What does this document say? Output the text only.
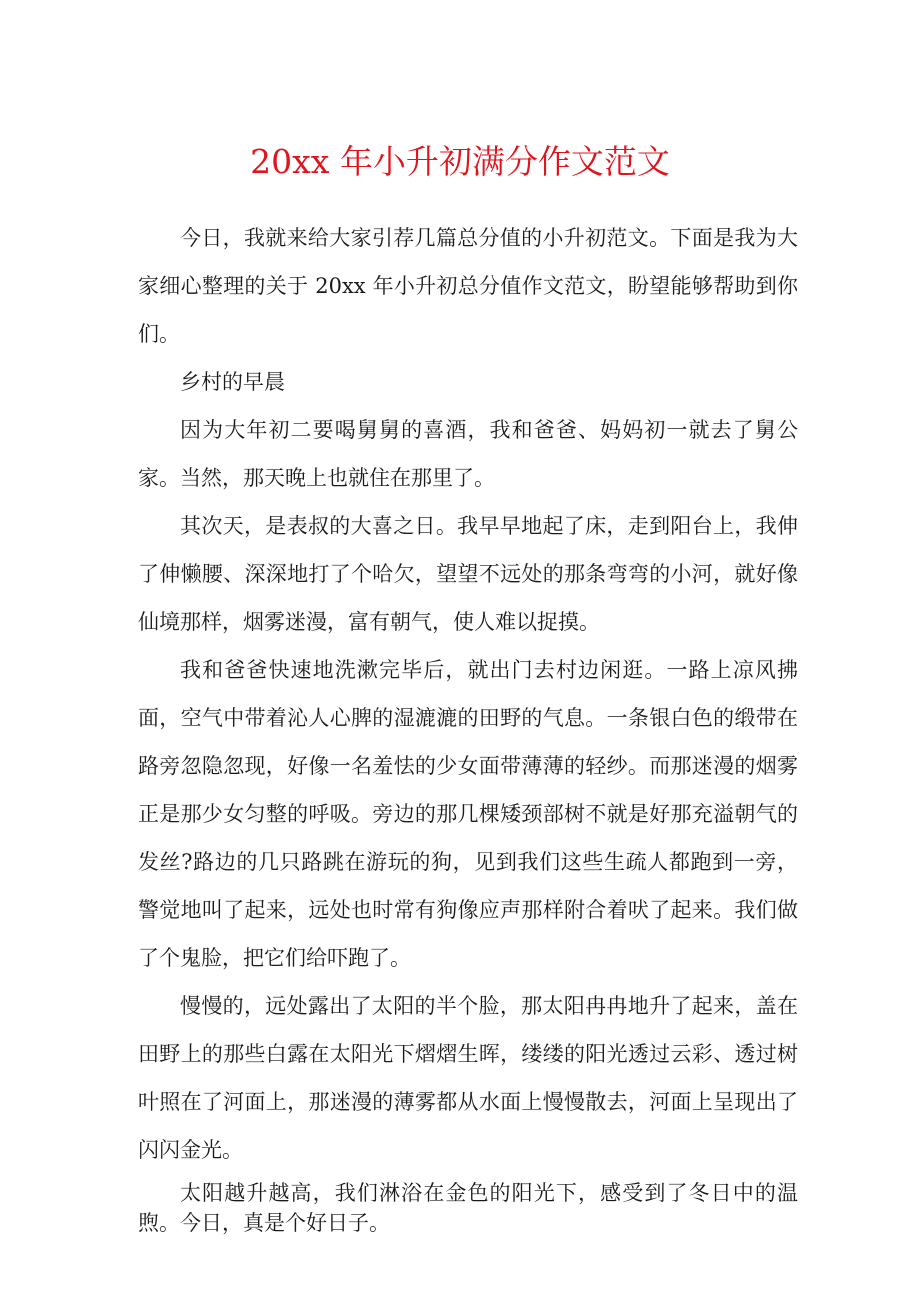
20xx 年小升初满分作文范文

今日，我就来给大家引荐几篇总分值的小升初范文。下面是我为大家细心整理的关于 20xx 年小升初总分值作文范文，盼望能够帮助到你们。

乡村的早晨

因为大年初二要喝舅舅的喜酒，我和爸爸、妈妈初一就去了舅公家。当然，那天晚上也就住在那里了。

其次天，是表叔的大喜之日。我早早地起了床，走到阳台上，我伸了伸懒腰、深深地打了个哈欠，望望不远处的那条弯弯的小河，就好像仙境那样，烟雾迷漫，富有朝气，使人难以捉摸。

我和爸爸快速地洗漱完毕后，就出门去村边闲逛。一路上凉风拂面，空气中带着沁人心脾的湿漉漉的田野的气息。一条银白色的缎带在路旁忽隐忽现，好像一名羞怯的少女面带薄薄的轻纱。而那迷漫的烟雾正是那少女匀整的呼吸。旁边的那几棵矮颈部树不就是好那充溢朝气的发丝?路边的几只路跳在游玩的狗，见到我们这些生疏人都跑到一旁，警觉地叫了起来，远处也时常有狗像应声那样附合着吠了起来。我们做了个鬼脸，把它们给吓跑了。

慢慢的，远处露出了太阳的半个脸，那太阳冉冉地升了起来，盖在田野上的那些白露在太阳光下熠熠生晖，缕缕的阳光透过云彩、透过树叶照在了河面上，那迷漫的薄雾都从水面上慢慢散去，河面上呈现出了闪闪金光。

太阳越升越高，我们淋浴在金色的阳光下，感受到了冬日中的温煦。今日，真是个好日子。
